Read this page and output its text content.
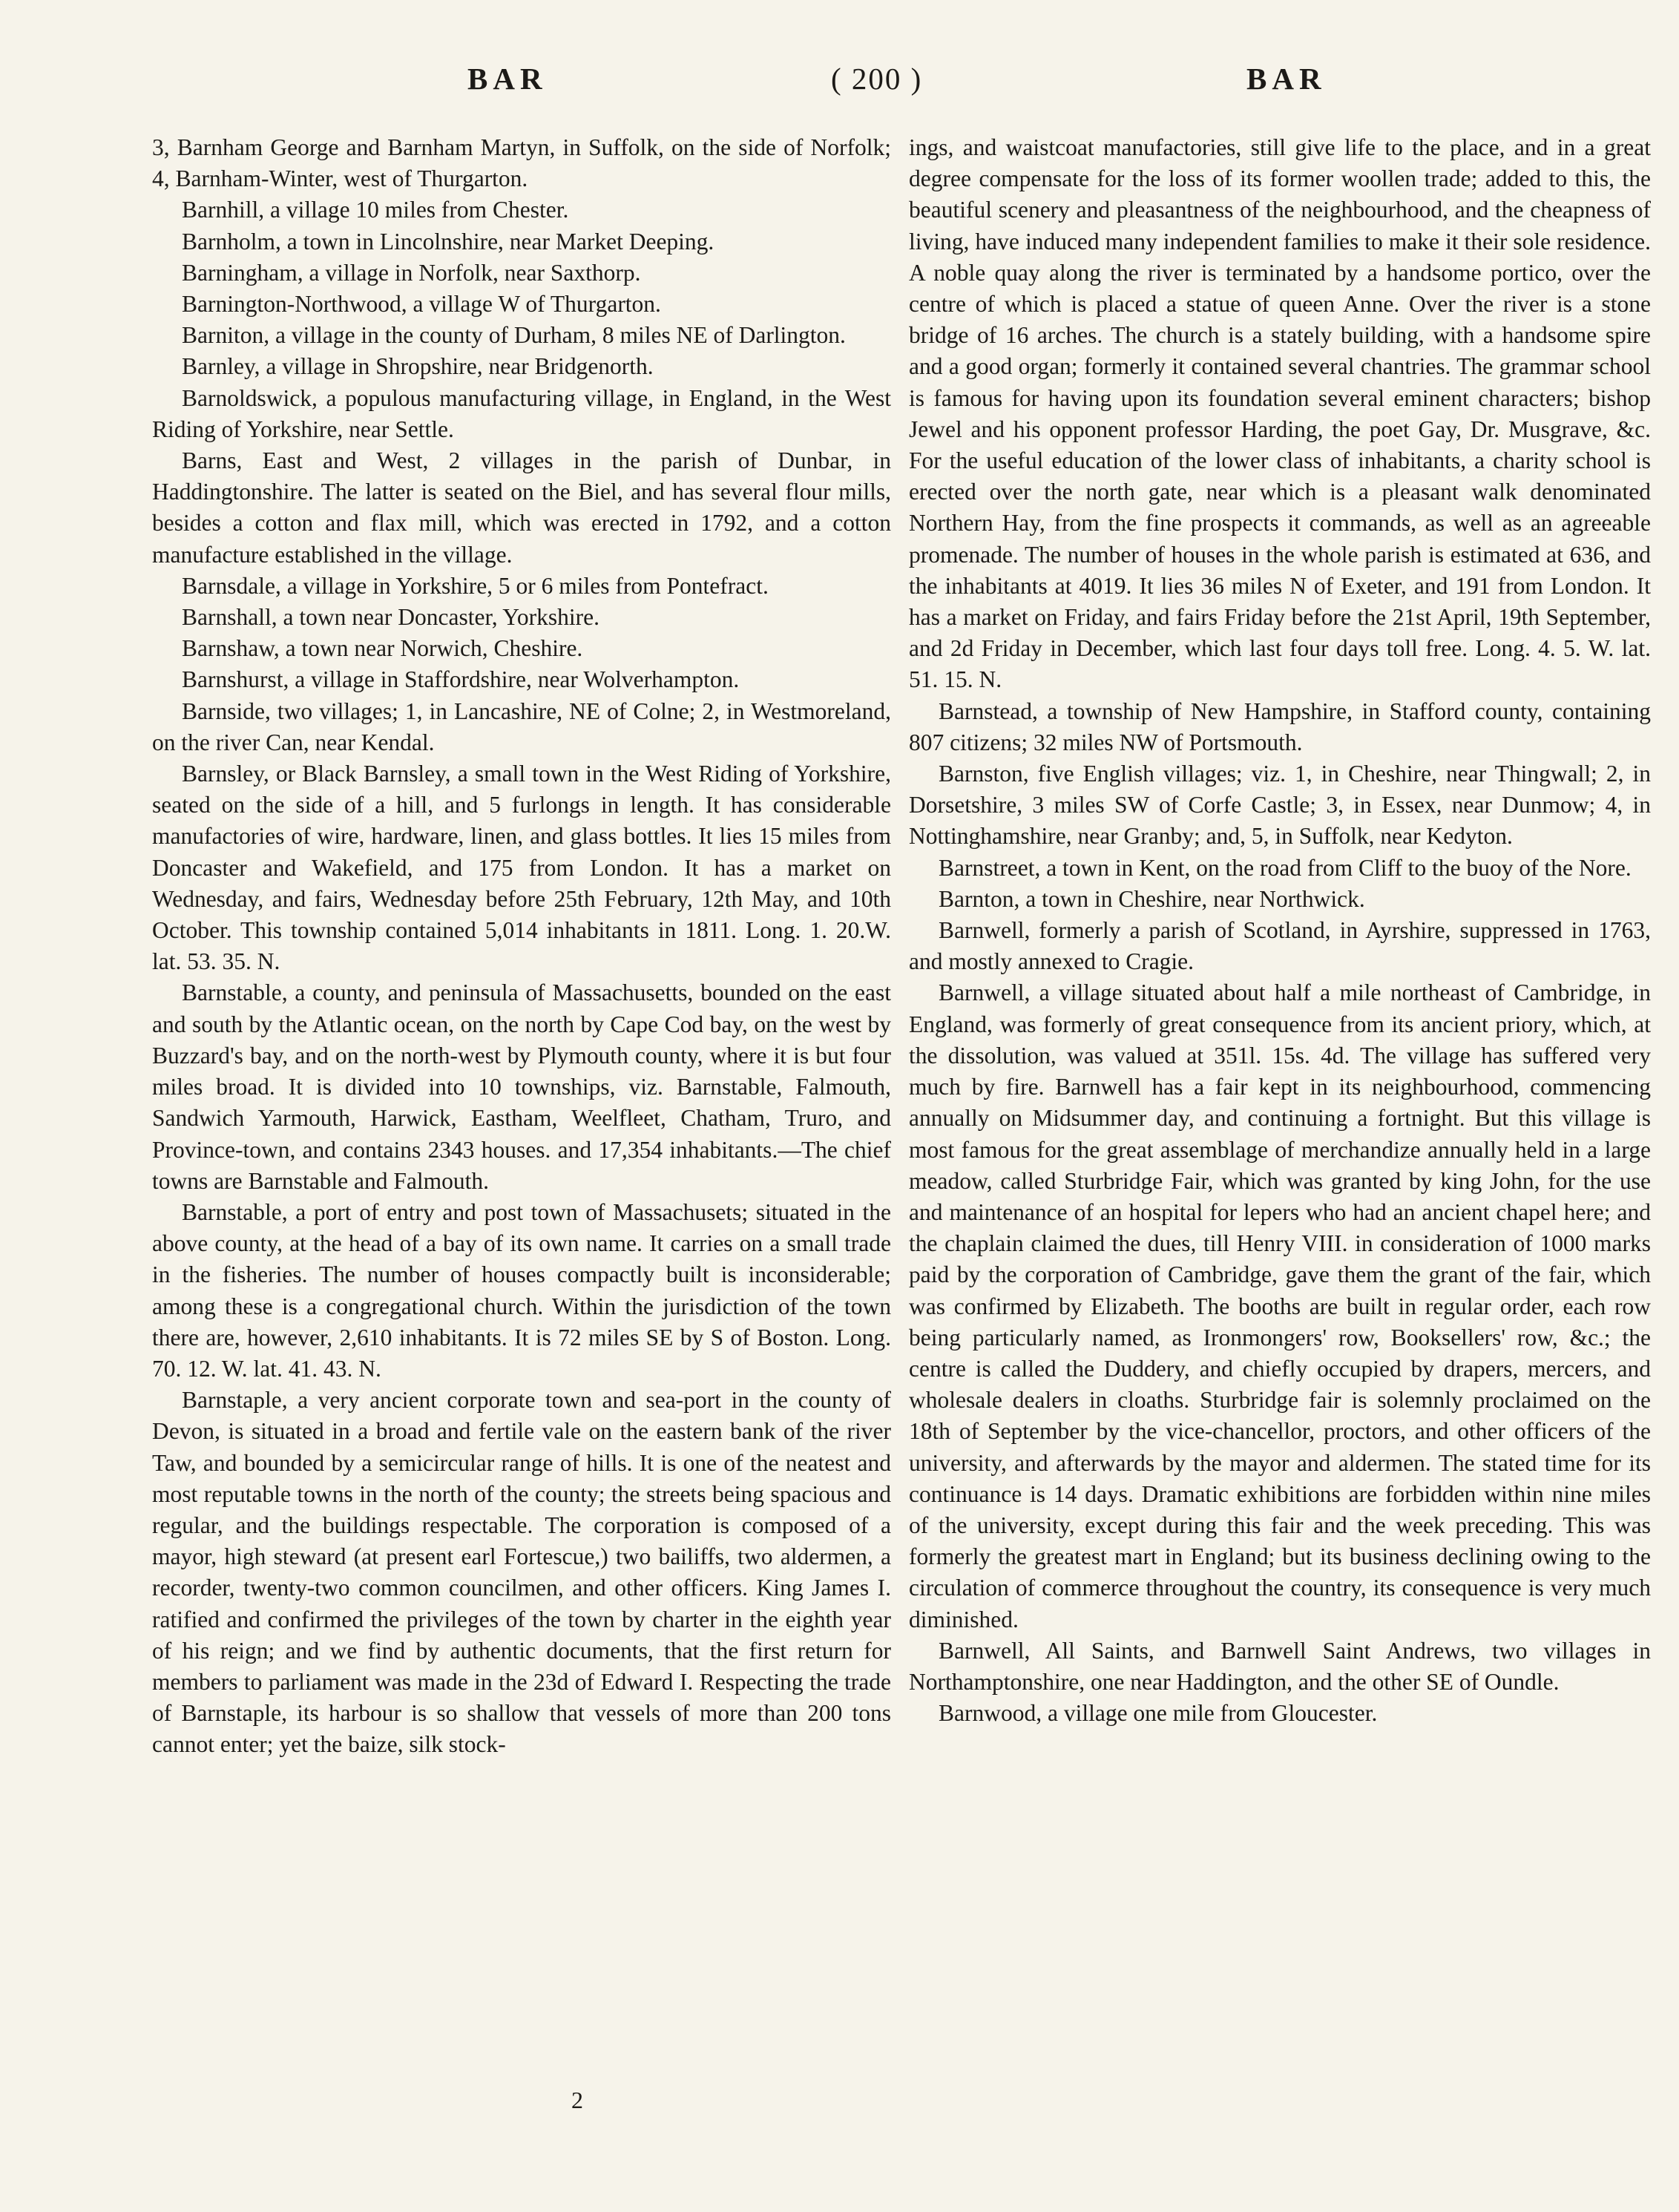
BAR	( 200 )	BAR

3, Barnham George and Barnham Martyn, in Suffolk, on the side of Norfolk; 4, Barnham-Winter, west of Thurgarton.

Barnhill, a village 10 miles from Chester.

Barnholm, a town in Lincolnshire, near Market Deeping.

Barningham, a village in Norfolk, near Saxthorp.

Barnington-Northwood, a village W of Thurgarton.

Barniton, a village in the county of Durham, 8 miles NE of Darlington.

Barnley, a village in Shropshire, near Bridgenorth.

Barnoldswick, a populous manufacturing village, in England, in the West Riding of Yorkshire, near Settle.

Barns, East and West, 2 villages in the parish of Dunbar, in Haddingtonshire. The latter is seated on the Biel, and has several flour mills, besides a cotton and flax mill, which was erected in 1792, and a cotton manufacture established in the village.

Barnsdale, a village in Yorkshire, 5 or 6 miles from Pontefract.

Barnshall, a town near Doncaster, Yorkshire.

Barnshaw, a town near Norwich, Cheshire.

Barnshurst, a village in Staffordshire, near Wolverhampton.

Barnside, two villages; 1, in Lancashire, NE of Colne; 2, in Westmoreland, on the river Can, near Kendal.

Barnsley, or Black Barnsley, a small town in the West Riding of Yorkshire, seated on the side of a hill, and 5 furlongs in length. It has considerable manufactories of wire, hardware, linen, and glass bottles. It lies 15 miles from Doncaster and Wakefield, and 175 from London. It has a market on Wednesday, and fairs, Wednesday before 25th February, 12th May, and 10th October. This township contained 5,014 inhabitants in 1811. Long. 1. 20.W. lat. 53. 35. N.

Barnstable, a county, and peninsula of Massachusetts, bounded on the east and south by the Atlantic ocean, on the north by Cape Cod bay, on the west by Buzzard's bay, and on the north-west by Plymouth county, where it is but four miles broad. It is divided into 10 townships, viz. Barnstable, Falmouth, Sandwich Yarmouth, Harwick, Eastham, Weelfleet, Chatham, Truro, and Province-town, and contains 2343 houses. and 17,354 inhabitants.—The chief towns are Barnstable and Falmouth.

Barnstable, a port of entry and post town of Massachusets; situated in the above county, at the head of a bay of its own name. It carries on a small trade in the fisheries. The number of houses compactly built is inconsiderable; among these is a congregational church. Within the jurisdiction of the town there are, however, 2,610 inhabitants. It is 72 miles SE by S of Boston. Long. 70. 12. W. lat. 41. 43. N.

Barnstaple, a very ancient corporate town and sea-port in the county of Devon, is situated in a broad and fertile vale on the eastern bank of the river Taw, and bounded by a semicircular range of hills. It is one of the neatest and most reputable towns in the north of the county; the streets being spacious and regular, and the buildings respectable. The corporation is composed of a mayor, high steward (at present earl Fortescue,) two bailiffs, two aldermen, a recorder, twenty-two common councilmen, and other officers. King James I. ratified and confirmed the privileges of the town by charter in the eighth year of his reign; and we find by authentic documents, that the first return for members to parliament was made in the 23d of Edward I. Respecting the trade of Barnstaple, its harbour is so shallow that vessels of more than 200 tons cannot enter; yet the baize, silk stock-

ings, and waistcoat manufactories, still give life to the place, and in a great degree compensate for the loss of its former woollen trade; added to this, the beautiful scenery and pleasantness of the neighbourhood, and the cheapness of living, have induced many independent families to make it their sole residence. A noble quay along the river is terminated by a handsome portico, over the centre of which is placed a statue of queen Anne. Over the river is a stone bridge of 16 arches. The church is a stately building, with a handsome spire and a good organ; formerly it contained several chantries. The grammar school is famous for having upon its foundation several eminent characters; bishop Jewel and his opponent professor Harding, the poet Gay, Dr. Musgrave, &c. For the useful education of the lower class of inhabitants, a charity school is erected over the north gate, near which is a pleasant walk denominated Northern Hay, from the fine prospects it commands, as well as an agreeable promenade. The number of houses in the whole parish is estimated at 636, and the inhabitants at 4019. It lies 36 miles N of Exeter, and 191 from London. It has a market on Friday, and fairs Friday before the 21st April, 19th September, and 2d Friday in December, which last four days toll free. Long. 4. 5. W. lat. 51. 15. N.

Barnstead, a township of New Hampshire, in Stafford county, containing 807 citizens; 32 miles NW of Portsmouth.

Barnston, five English villages; viz. 1, in Cheshire, near Thingwall; 2, in Dorsetshire, 3 miles SW of Corfe Castle; 3, in Essex, near Dunmow; 4, in Nottinghamshire, near Granby; and, 5, in Suffolk, near Kedyton.

Barnstreet, a town in Kent, on the road from Cliff to the buoy of the Nore.

Barnton, a town in Cheshire, near Northwick.

Barnwell, formerly a parish of Scotland, in Ayrshire, suppressed in 1763, and mostly annexed to Cragie.

Barnwell, a village situated about half a mile northeast of Cambridge, in England, was formerly of great consequence from its ancient priory, which, at the dissolution, was valued at 351l. 15s. 4d. The village has suffered very much by fire. Barnwell has a fair kept in its neighbourhood, commencing annually on Midsummer day, and continuing a fortnight. But this village is most famous for the great assemblage of merchandize annually held in a large meadow, called Sturbridge Fair, which was granted by king John, for the use and maintenance of an hospital for lepers who had an ancient chapel here; and the chaplain claimed the dues, till Henry VIII. in consideration of 1000 marks paid by the corporation of Cambridge, gave them the grant of the fair, which was confirmed by Elizabeth. The booths are built in regular order, each row being particularly named, as Ironmongers' row, Booksellers' row, &c.; the centre is called the Duddery, and chiefly occupied by drapers, mercers, and wholesale dealers in cloaths. Sturbridge fair is solemnly proclaimed on the 18th of September by the vice-chancellor, proctors, and other officers of the university, and afterwards by the mayor and aldermen. The stated time for its continuance is 14 days. Dramatic exhibitions are forbidden within nine miles of the university, except during this fair and the week preceding. This was formerly the greatest mart in England; but its business declining owing to the circulation of commerce throughout the country, its consequence is very much diminished.

Barnwell, All Saints, and Barnwell Saint Andrews, two villages in Northamptonshire, one near Haddington, and the other SE of Oundle.

Barnwood, a village one mile from Gloucester.

2
